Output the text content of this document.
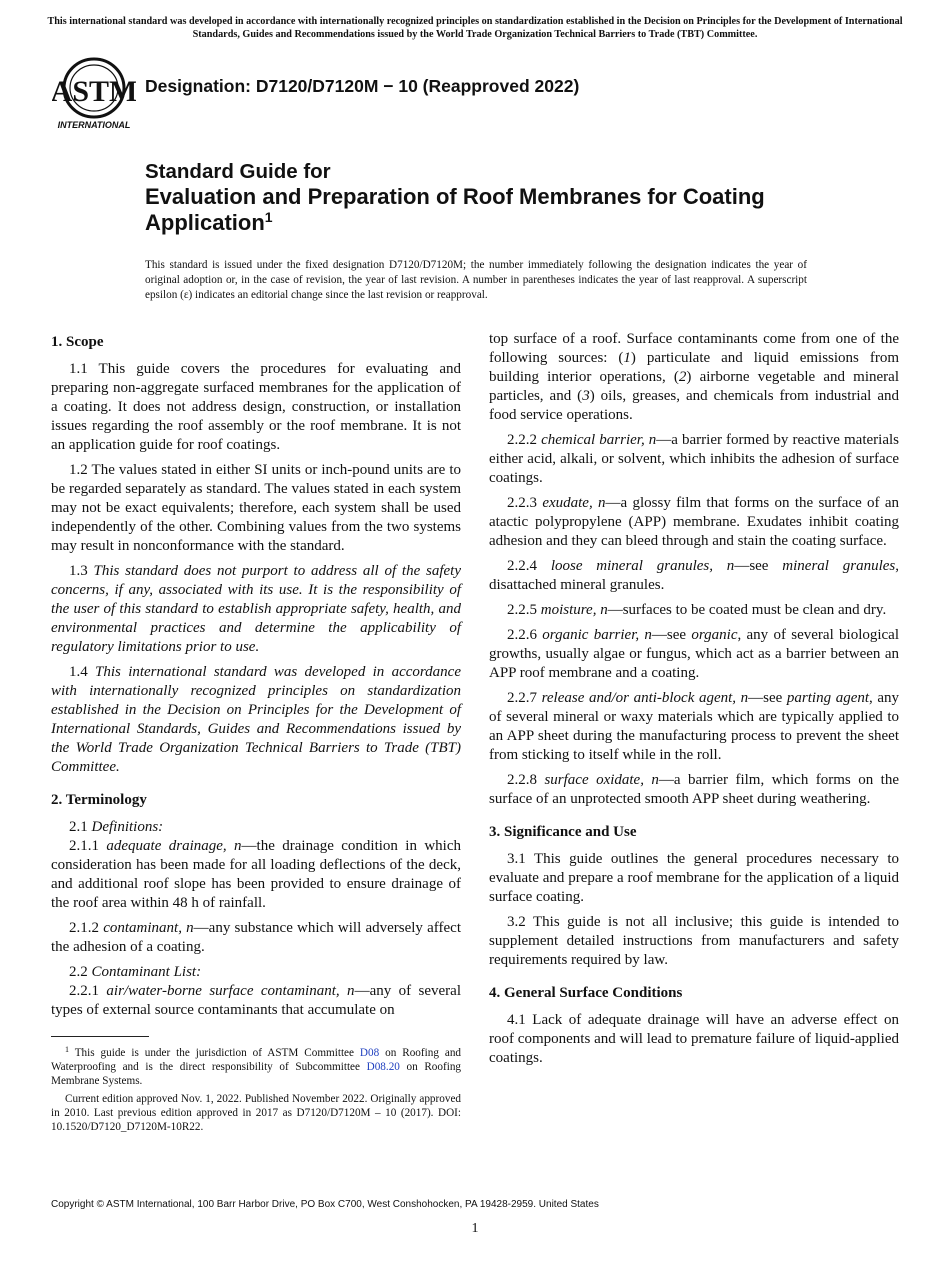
This international standard was developed in accordance with internationally recognized principles on standardization established in the Decision on Principles for the Development of International Standards, Guides and Recommendations issued by the World Trade Organization Technical Barriers to Trade (TBT) Committee.
ASTM
INTERNATIONAL
Designation: D7120/D7120M − 10 (Reapproved 2022)
Standard Guide for
Evaluation and Preparation of Roof Membranes for Coating
Application$^1$
This standard is issued under the fixed designation D7120/D7120M; the number immediately following the designation indicates the year of original adoption or, in the case of revision, the year of last revision. A number in parentheses indicates the year of last reapproval. A superscript epsilon (ε) indicates an editorial change since the last revision or reapproval.
1. Scope

1.1 This guide covers the procedures for evaluating and preparing non-aggregate surfaced membranes for the application of a coating. It does not address design, construction, or installation issues regarding the roof assembly or the roof membrane. It is not an application guide for roof coatings.

1.2 The values stated in either SI units or inch-pound units are to be regarded separately as standard. The values stated in each system may not be exact equivalents; therefore, each system shall be used independently of the other. Combining values from the two systems may result in nonconformance with the standard.

1.3 This standard does not purport to address all of the safety concerns, if any, associated with its use. It is the responsibility of the user of this standard to establish appropriate safety, health, and environmental practices and determine the applicability of regulatory limitations prior to use.

1.4 This international standard was developed in accordance with internationally recognized principles on standardization established in the Decision on Principles for the Development of International Standards, Guides and Recommendations issued by the World Trade Organization Technical Barriers to Trade (TBT) Committee.

2. Terminology

2.1 Definitions:

2.1.1 adequate drainage, n—the drainage condition in which consideration has been made for all loading deflections of the deck, and additional roof slope has been provided to ensure drainage of the roof area within 48 h of rainfall.

2.1.2 contaminant, n—any substance which will adversely affect the adhesion of a coating.

2.2 Contaminant List:

2.2.1 air/water-borne surface contaminant, n—any of several types of external source contaminants that accumulate on

$^1$ This guide is under the jurisdiction of ASTM Committee D08 on Roofing and Waterproofing and is the direct responsibility of Subcommittee D08.20 on Roofing Membrane Systems.

Current edition approved Nov. 1, 2022. Published November 2022. Originally approved in 2010. Last previous edition approved in 2017 as D7120/D7120M – 10 (2017). DOI: 10.1520/D7120_D7120M-10R22.

top surface of a roof. Surface contaminants come from one of the following sources: (1) particulate and liquid emissions from building interior operations, (2) airborne vegetable and mineral particles, and (3) oils, greases, and chemicals from industrial and food service operations.

2.2.2 chemical barrier, n—a barrier formed by reactive materials either acid, alkali, or solvent, which inhibits the adhesion of surface coatings.

2.2.3 exudate, n—a glossy film that forms on the surface of an atactic polypropylene (APP) membrane. Exudates inhibit coating adhesion and they can bleed through and stain the coating surface.

2.2.4 loose mineral granules, n—see mineral granules, disattached mineral granules.

2.2.5 moisture, n—surfaces to be coated must be clean and dry.

2.2.6 organic barrier, n—see organic, any of several biological growths, usually algae or fungus, which act as a barrier between an APP roof membrane and a coating.

2.2.7 release and/or anti-block agent, n—see parting agent, any of several mineral or waxy materials which are typically applied to an APP sheet during the manufacturing process to prevent the sheet from sticking to itself while in the roll.

2.2.8 surface oxidate, n—a barrier film, which forms on the surface of an unprotected smooth APP sheet during weathering.

3. Significance and Use

3.1 This guide outlines the general procedures necessary to evaluate and prepare a roof membrane for the application of a liquid surface coating.

3.2 This guide is not all inclusive; this guide is intended to supplement detailed instructions from manufacturers and safety requirements required by law.

4. General Surface Conditions

4.1 Lack of adequate drainage will have an adverse effect on roof components and will lead to premature failure of liquid-applied coatings.

Copyright © ASTM International, 100 Barr Harbor Drive, PO Box C700, West Conshohocken, PA 19428-2959. United States
1
